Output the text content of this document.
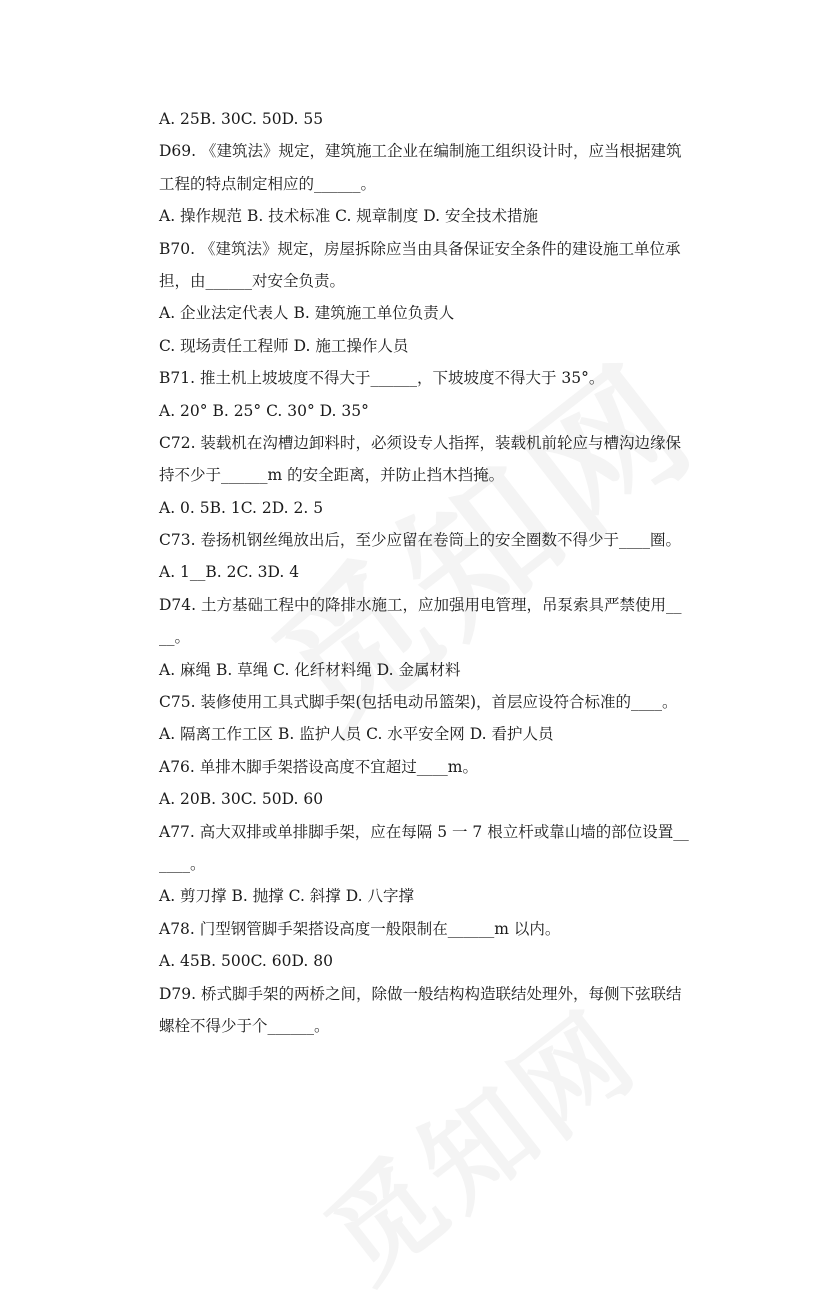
A. 25B. 30C. 50D. 55
D69. 《建筑法》规定，建筑施工企业在编制施工组织设计时，应当根据建筑
工程的特点制定相应的______。
A. 操作规范 B. 技术标准 C. 规章制度 D. 安全技术措施
B70. 《建筑法》规定，房屋拆除应当由具备保证安全条件的建设施工单位承
担，由______对安全负责。
A. 企业法定代表人 B. 建筑施工单位负责人
C. 现场责任工程师 D. 施工操作人员
B71. 推土机上坡坡度不得大于______，下坡坡度不得大于 35°。
A. 20° B. 25° C. 30° D. 35°
C72. 装载机在沟槽边卸料时，必须设专人指挥，装载机前轮应与槽沟边缘保
持不少于______m 的安全距离，并防止挡木挡掩。
A. 0. 5B. 1C. 2D. 2. 5
C73. 卷扬机钢丝绳放出后，至少应留在卷筒上的安全圈数不得少于____圈。
A. 1__B. 2C. 3D. 4
D74. 土方基础工程中的降排水施工，应加强用电管理，吊泵索具严禁使用__
__。
A. 麻绳 B. 草绳 C. 化纤材料绳 D. 金属材料
C75. 装修使用工具式脚手架(包括电动吊篮架)，首层应设符合标准的____。
A. 隔离工作工区 B. 监护人员 C. 水平安全网 D. 看护人员
A76. 单排木脚手架搭设高度不宜超过____m。
A. 20B. 30C. 50D. 60
A77. 高大双排或单排脚手架，应在每隔 5 一 7 根立杆或靠山墙的部位设置__
____。
A. 剪刀撑 B. 抛撑 C. 斜撑 D. 八字撑
A78. 门型钢管脚手架搭设高度一般限制在______m 以内。
A. 45B. 500C. 60D. 80
D79. 桥式脚手架的两桥之间，除做一般结构构造联结处理外，每侧下弦联结
螺栓不得少于个______。
